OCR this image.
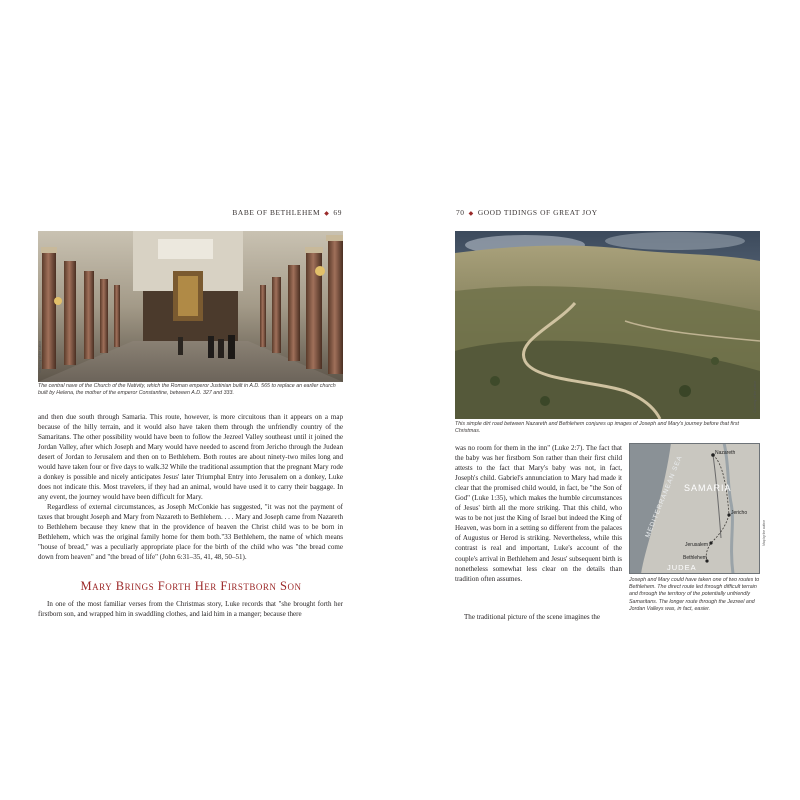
BABE OF BETHLEHEM ◆ 69
Courtesy of the author
The central nave of the Church of the Nativity, which the Roman emperor Justinian built in A.D. 565 to replace an earlier church built by Helena, the mother of the emperor Constantine, between A.D. 327 and 333.

and then due south through Samaria. This route, however, is more circuitous than it appears on a map because of the hilly terrain, and it would also have taken them through the unfriendly country of the Samaritans. The other possibility would have been to follow the Jezreel Valley southeast until it joined the Jordan Valley, after which Joseph and Mary would have needed to ascend from Jericho through the Judean desert of Jordan to Jerusalem and then on to Bethlehem. Both routes are about ninety-two miles long and would have taken four or five days to walk.32 While the traditional assumption that the pregnant Mary rode a donkey is possible and nicely anticipates Jesus' later Triumphal Entry into Jerusalem on a donkey, Luke does not indicate this. Most travelers, if they had an animal, would have used it to carry their baggage. In any event, the journey would have been difficult for Mary.

Regardless of external circumstances, as Joseph McConkie has suggested, "it was not the payment of taxes that brought Joseph and Mary from Nazareth to Bethlehem. . . . Mary and Joseph came from Nazareth to Bethlehem because they knew that in the providence of heaven the Christ child was to be born in Bethlehem, which was the original family home for them both."33 Bethlehem, the name of which means "house of bread," was a peculiarly appropriate place for the birth of the child who was "the bread come down from heaven" and "the bread of life" (John 6:31–35, 41, 48, 50–51).

Mary Brings Forth Her Firstborn Son

In one of the most familiar verses from the Christmas story, Luke records that "she brought forth her firstborn son, and wrapped him in swaddling clothes, and laid him in a manger; because there

70 ◆ GOOD TIDINGS OF GREAT JOY
Courtesy of the author
This simple dirt road between Nazareth and Bethlehem conjures up images of Joseph and Mary's journey before that first Christmas.

was no room for them in the inn" (Luke 2:7). The fact that the baby was her firstborn Son rather than their first child attests to the fact that Mary's baby was not, in fact, Joseph's child. Gabriel's annunciation to Mary had made it clear that the promised child would, in fact, be "the Son of God" (Luke 1:35), which makes the humble circumstances of Jesus' birth all the more striking. That this child, who was to be not just the King of Israel but indeed the King of Heaven, was born in a setting so different from the palaces of Augustus or Herod is striking. Nevertheless, while this contrast is real and important, Luke's account of the couple's arrival in Bethlehem and Jesus' subsequent birth is nonetheless somewhat less clear on the details than tradition often assumes.

The traditional picture of the scene imagines the

MEDITERRANEAN SEA SAMARIA
JUDEA
Nazareth
Jericho
Jerusalem
Bethlehem
Map by the author
Joseph and Mary could have taken one of two routes to Bethlehem. The direct route led through difficult terrain and through the territory of the potentially unfriendly Samaritans. The longer route through the Jezreel and Jordan Valleys was, in fact, easier.
